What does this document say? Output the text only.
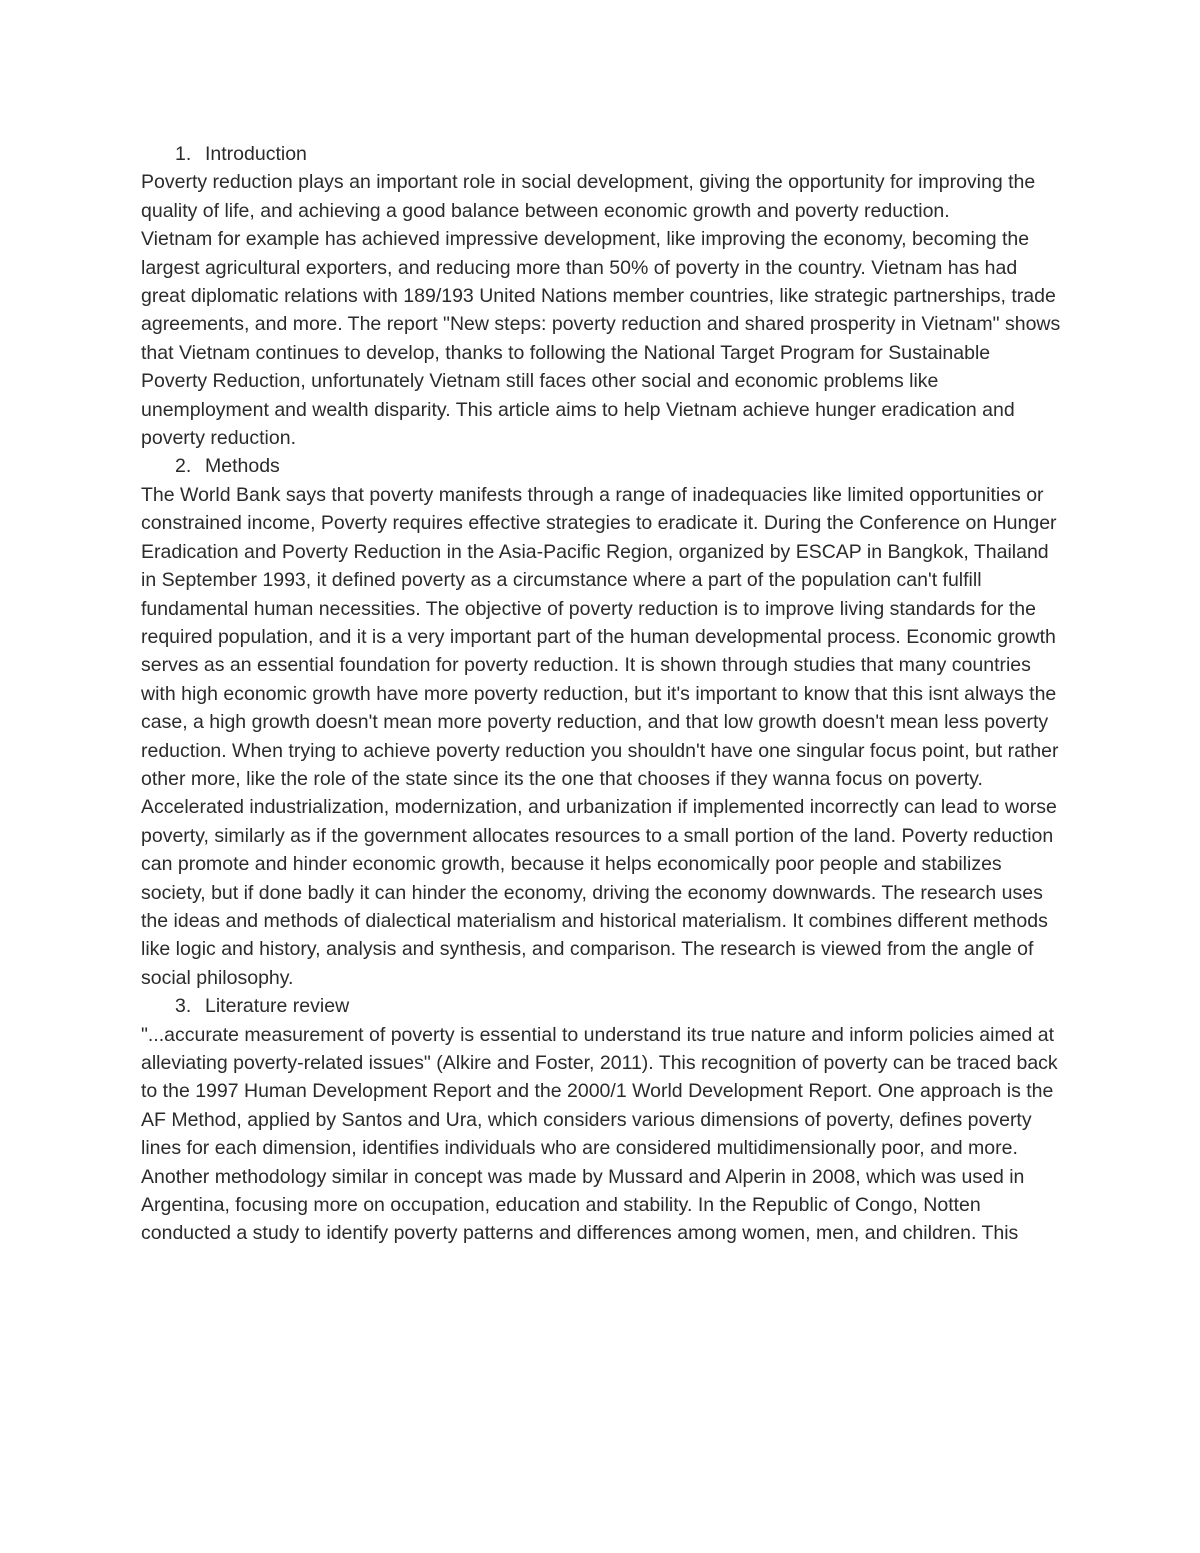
1. Introduction

Poverty reduction plays an important role in social development, giving the opportunity for improving the quality of life, and achieving a good balance between economic growth and poverty reduction.

Vietnam for example has achieved impressive development, like improving the economy, becoming the largest agricultural exporters, and reducing more than 50% of poverty in the country. Vietnam has had great diplomatic relations with 189/193 United Nations member countries, like strategic partnerships, trade agreements, and more. The report "New steps: poverty reduction and shared prosperity in Vietnam" shows that Vietnam continues to develop, thanks to following the National Target Program for Sustainable Poverty Reduction, unfortunately Vietnam still faces other social and economic problems like unemployment and wealth disparity. This article aims to help Vietnam achieve hunger eradication and poverty reduction.

2. Methods

The World Bank says that poverty manifests through a range of inadequacies like limited opportunities or constrained income, Poverty requires effective strategies to eradicate it. During the Conference on Hunger Eradication and Poverty Reduction in the Asia-Pacific Region, organized by ESCAP in Bangkok, Thailand in September 1993, it defined poverty as a circumstance where a part of the population can't fulfill fundamental human necessities. The objective of poverty reduction is to improve living standards for the required population, and it is a very important part of the human developmental process. Economic growth serves as an essential foundation for poverty reduction. It is shown through studies that many countries with high economic growth have more poverty reduction, but it's important to know that this isnt always the case, a high growth doesn't mean more poverty reduction, and that low growth doesn't mean less poverty reduction. When trying to achieve poverty reduction you shouldn't have one singular focus point, but rather other more, like the role of the state since its the one that chooses if they wanna focus on poverty. Accelerated industrialization, modernization, and urbanization if implemented incorrectly can lead to worse poverty, similarly as if the government allocates resources to a small portion of the land. Poverty reduction can promote and hinder economic growth, because it helps economically poor people and stabilizes society, but if done badly it can hinder the economy, driving the economy downwards. The research uses the ideas and methods of dialectical materialism and historical materialism. It combines different methods like logic and history, analysis and synthesis, and comparison. The research is viewed from the angle of social philosophy.

3. Literature review

"...accurate measurement of poverty is essential to understand its true nature and inform policies aimed at alleviating poverty-related issues" (Alkire and Foster, 2011). This recognition of poverty can be traced back to the 1997 Human Development Report and the 2000/1 World Development Report. One approach is the AF Method, applied by Santos and Ura, which considers various dimensions of poverty, defines poverty lines for each dimension, identifies individuals who are considered multidimensionally poor, and more. Another methodology similar in concept was made by Mussard and Alperin in 2008, which was used in Argentina, focusing more on occupation, education and stability. In the Republic of Congo, Notten conducted a study to identify poverty patterns and differences among women, men, and children. This
